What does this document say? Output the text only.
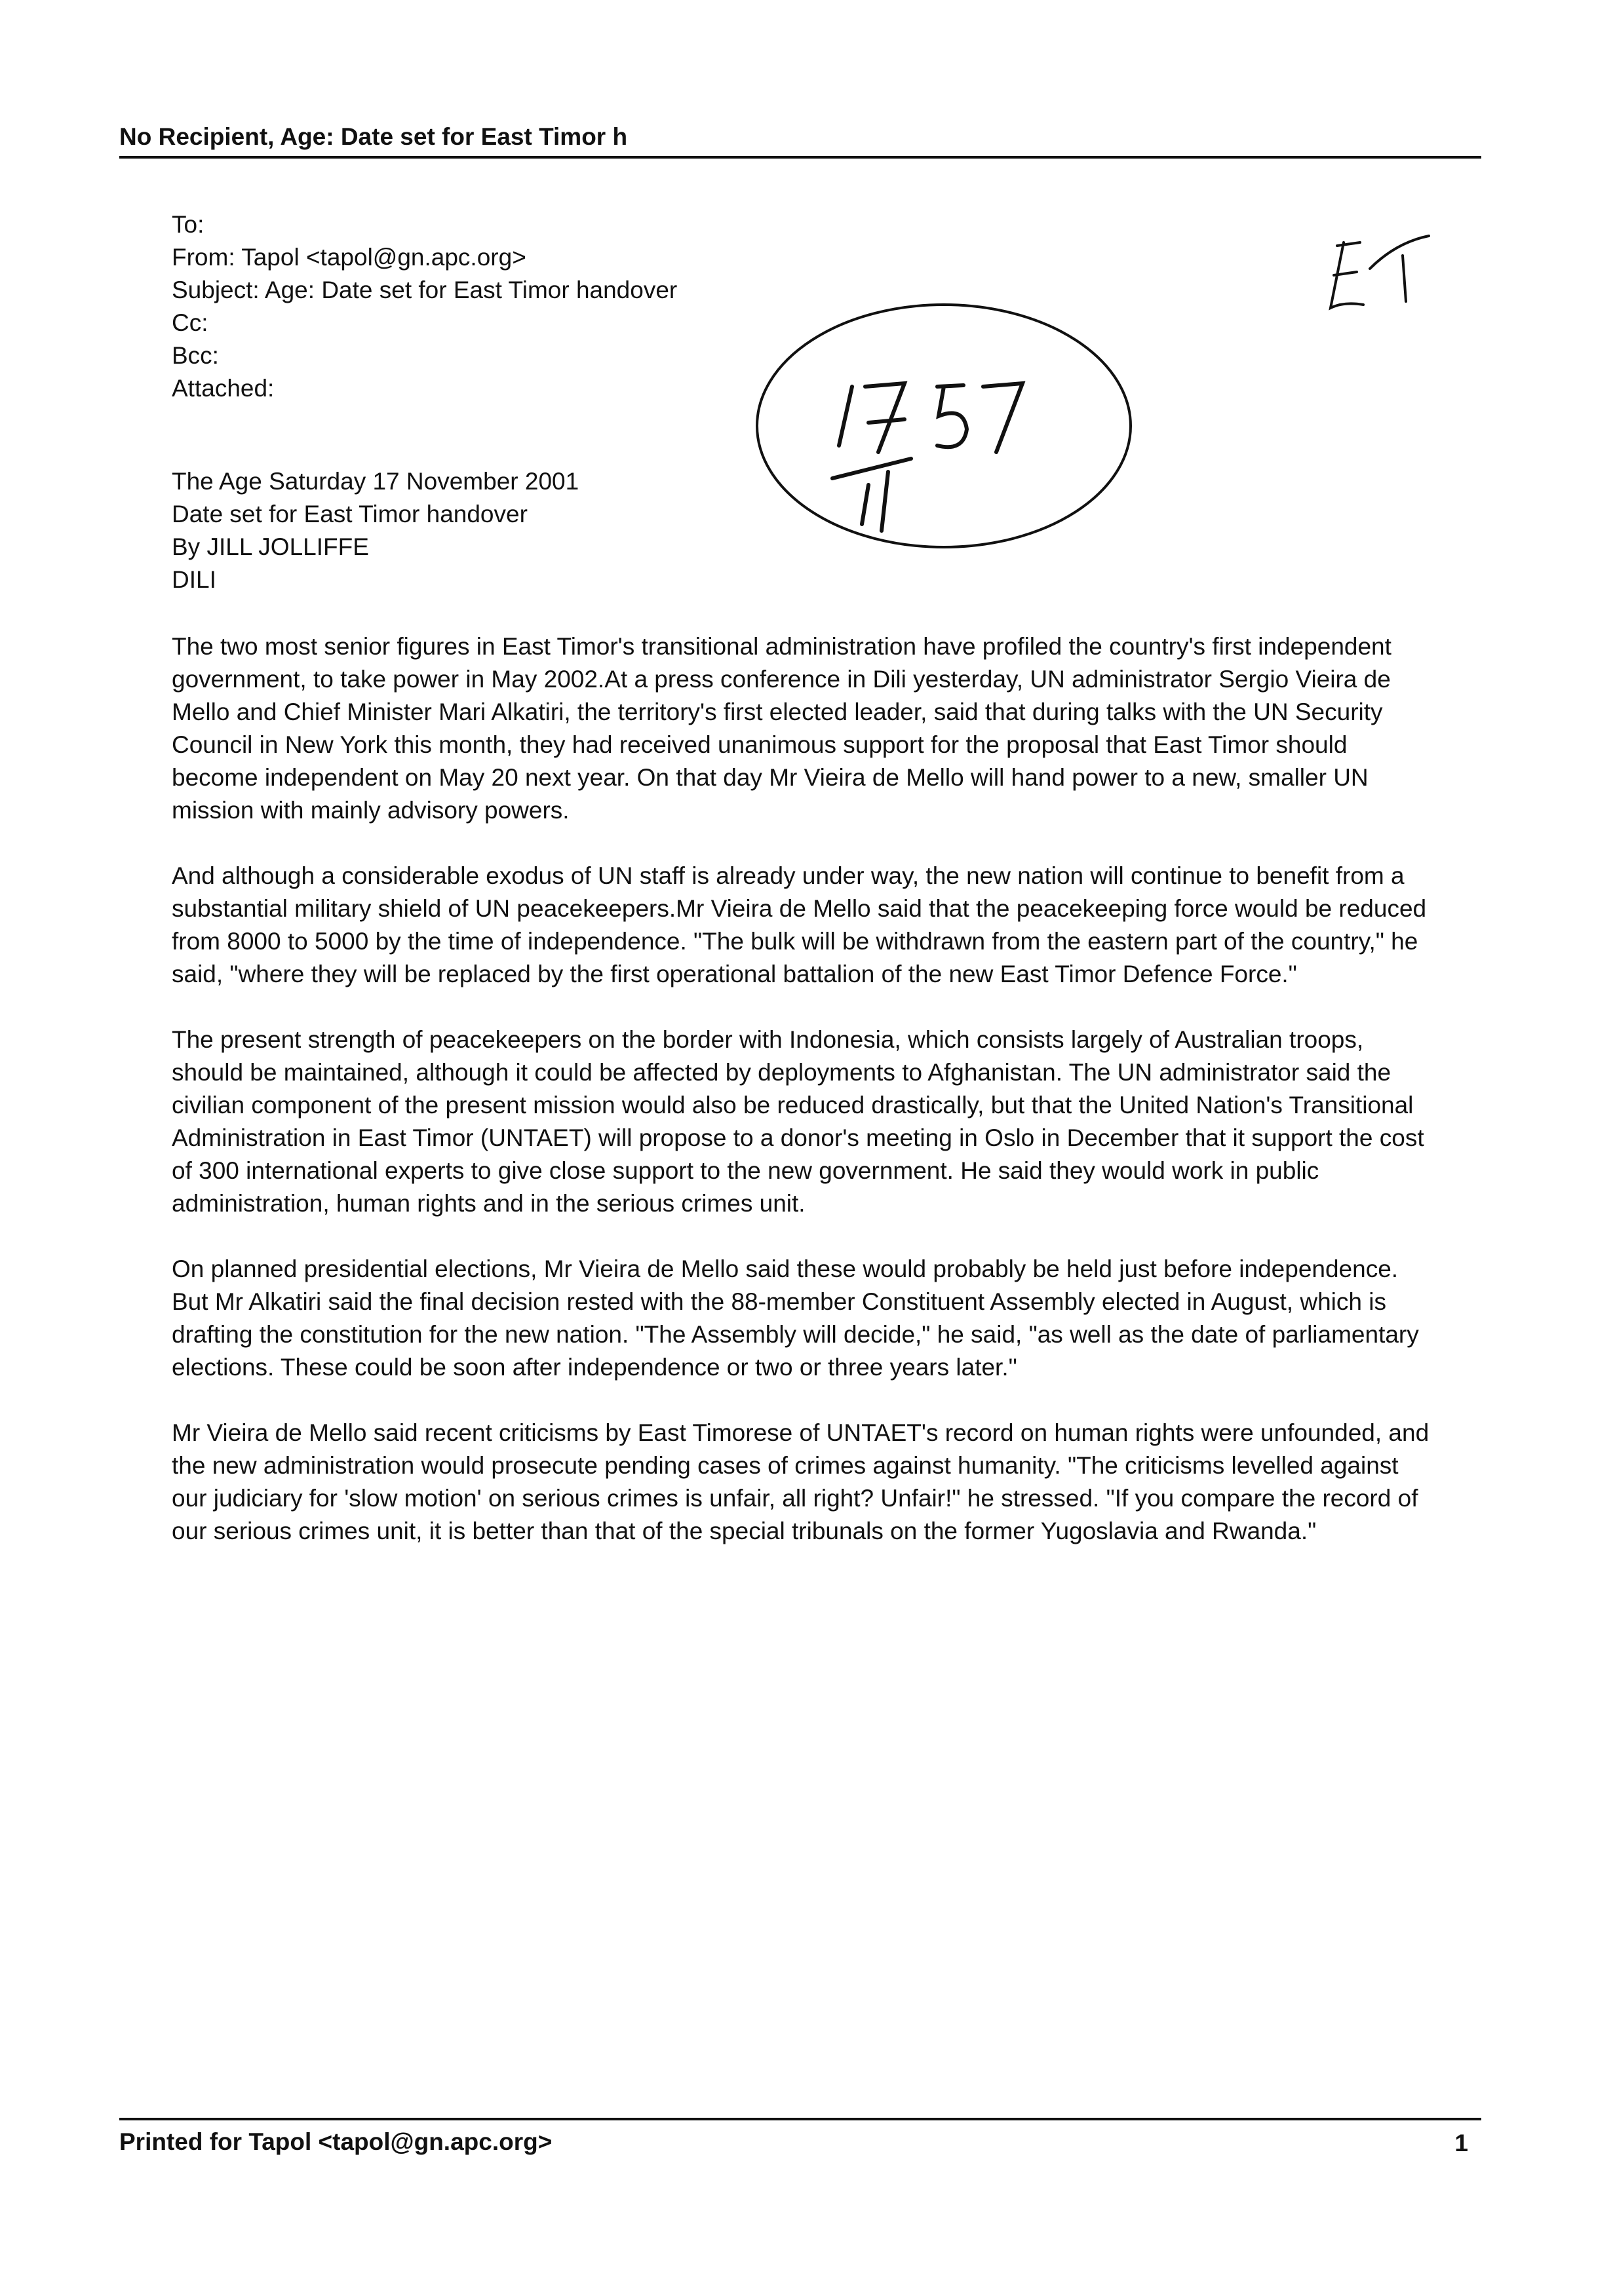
No Recipient, Age: Date set for East Timor h
To:
From: Tapol <tapol@gn.apc.org>
Subject: Age: Date set for East Timor handover
Cc:
Bcc:
Attached:
The Age Saturday 17 November 2001
Date set for East Timor handover
By JILL JOLLIFFE
DILI

The two most senior figures in East Timor's transitional administration have profiled the country's first independent government, to take power in May 2002.At a press conference in Dili yesterday, UN administrator Sergio Vieira de Mello and Chief Minister Mari Alkatiri, the territory's first elected leader, said that during talks with the UN Security Council in New York this month, they had received unanimous support for the proposal that East Timor should become independent on May 20 next year. On that day Mr Vieira de Mello will hand power to a new, smaller UN mission with mainly advisory powers.

And although a considerable exodus of UN staff is already under way, the new nation will continue to benefit from a substantial military shield of UN peacekeepers.Mr Vieira de Mello said that the peacekeeping force would be reduced from 8000 to 5000 by the time of independence. "The bulk will be withdrawn from the eastern part of the country," he said, "where they will be replaced by the first operational battalion of the new East Timor Defence Force."

The present strength of peacekeepers on the border with Indonesia, which consists largely of Australian troops, should be maintained, although it could be affected by deployments to Afghanistan. The UN administrator said the civilian component of the present mission would also be reduced drastically, but that the United Nation's Transitional Administration in East Timor (UNTAET) will propose to a donor's meeting in Oslo in December that it support the cost of 300 international experts to give close support to the new government. He said they would work in public administration, human rights and in the serious crimes unit.

On planned presidential elections, Mr Vieira de Mello said these would probably be held just before independence. But Mr Alkatiri said the final decision rested with the 88-member Constituent Assembly elected in August, which is drafting the constitution for the new nation. "The Assembly will decide," he said, "as well as the date of parliamentary elections. These could be soon after independence or two or three years later."

Mr Vieira de Mello said recent criticisms by East Timorese of UNTAET's record on human rights were unfounded, and the new administration would prosecute pending cases of crimes against humanity. "The criticisms levelled against our judiciary for 'slow motion' on serious crimes is unfair, all right? Unfair!" he stressed. "If you compare the record of our serious crimes unit, it is better than that of the special tribunals on the former Yugoslavia and Rwanda."

Printed for Tapol <tapol@gn.apc.org>	1
